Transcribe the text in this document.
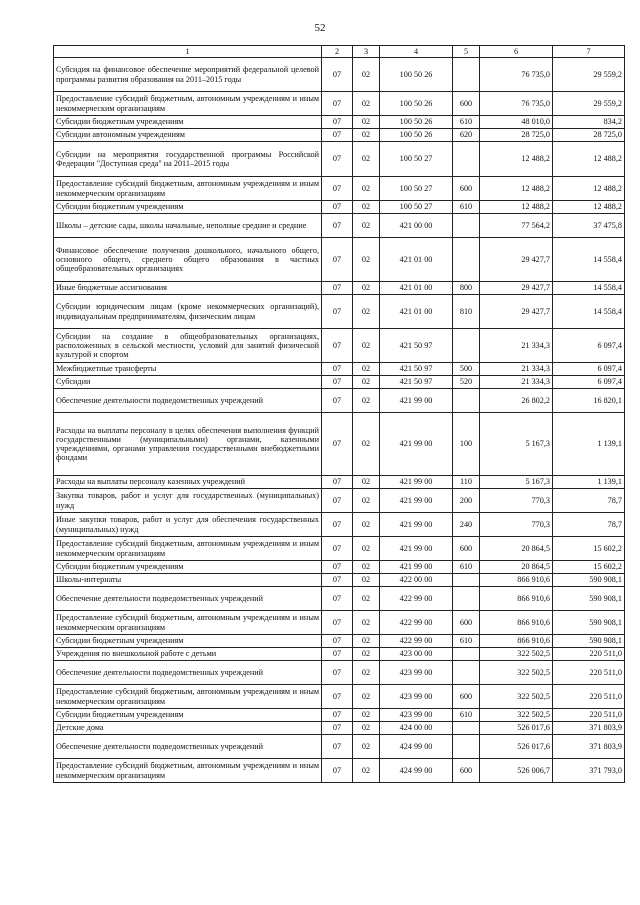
52
1	2	3	4	5	6	7
Субсидия на финансовое обеспечение мероприятий федеральной целевой программы развития образования на 2011–2015 годы	07	02	100 50 26		76 735,0	29 559,2
Предоставление субсидий бюджетным, автономным учреждениям и иным некоммерческим организациям	07	02	100 50 26	600	76 735,0	29 559,2
Субсидии бюджетным учреждениям	07	02	100 50 26	610	48 010,0	834,2
Субсидии автономным учреждениям	07	02	100 50 26	620	28 725,0	28 725,0
Субсидии на мероприятия государственной программы Российской Федерации "Доступная среда" на 2011–2015 годы	07	02	100 50 27		12 488,2	12 488,2
Предоставление субсидий бюджетным, автономным учреждениям и иным некоммерческим организациям	07	02	100 50 27	600	12 488,2	12 488,2
Субсидии бюджетным учреждениям	07	02	100 50 27	610	12 488,2	12 488,2
Школы – детские сады, школы начальные, неполные средние и средние	07	02	421 00 00		77 564,2	37 475,8
Финансовое обеспечение получения дошкольного, начального общего, основного общего, среднего общего образования в частных общеобразовательных организациях	07	02	421 01 00		29 427,7	14 558,4
Иные бюджетные ассигнования	07	02	421 01 00	800	29 427,7	14 558,4
Субсидии юридическим лицам (кроме некоммерческих организаций), индивидуальным предпринимателям, физическим лицам	07	02	421 01 00	810	29 427,7	14 558,4
Субсидии на создание в общеобразовательных организациях, расположенных в сельской местности, условий для занятий физической культурой и спортом	07	02	421 50 97		21 334,3	6 097,4
Межбюджетные трансферты	07	02	421 50 97	500	21 334,3	6 097,4
Субсидии	07	02	421 50 97	520	21 334,3	6 097,4
Обеспечение деятельности подведомственных учреждений	07	02	421 99 00		26 802,2	16 820,1
Расходы на выплаты персоналу в целях обеспечения выполнения функций государственными (муниципальными) органами, казенными учреждениями, органами управления государственными внебюджетными фондами	07	02	421 99 00	100	5 167,3	1 139,1
Расходы на выплаты персоналу казенных учреждений	07	02	421 99 00	110	5 167,3	1 139,1
Закупка товаров, работ и услуг для государственных (муниципальных) нужд	07	02	421 99 00	200	770,3	78,7
Иные закупки товаров, работ и услуг для обеспечения государственных (муниципальных) нужд	07	02	421 99 00	240	770,3	78,7
Предоставление субсидий бюджетным, автономным учреждениям и иным некоммерческим организациям	07	02	421 99 00	600	20 864,5	15 602,2
Субсидии бюджетным учреждениям	07	02	421 99 00	610	20 864,5	15 602,2
Школы-интернаты	07	02	422 00 00		866 910,6	590 908,1
Обеспечение деятельности подведомственных учреждений	07	02	422 99 00		866 910,6	590 908,1
Предоставление субсидий бюджетным, автономным учреждениям и иным некоммерческим организациям	07	02	422 99 00	600	866 910,6	590 908,1
Субсидии бюджетным учреждениям	07	02	422 99 00	610	866 910,6	590 908,1
Учреждения по внешкольной работе с детьми	07	02	423 00 00		322 502,5	220 511,0
Обеспечение деятельности подведомственных учреждений	07	02	423 99 00		322 502,5	220 511,0
Предоставление субсидий бюджетным, автономным учреждениям и иным некоммерческим организациям	07	02	423 99 00	600	322 502,5	220 511,0
Субсидии бюджетным учреждениям	07	02	423 99 00	610	322 502,5	220 511,0
Детские дома	07	02	424 00 00		526 017,6	371 803,9
Обеспечение деятельности подведомственных учреждений	07	02	424 99 00		526 017,6	371 803,9
Предоставление субсидий бюджетным, автономным учреждениям и иным некоммерческим организациям	07	02	424 99 00	600	526 006,7	371 793,0
